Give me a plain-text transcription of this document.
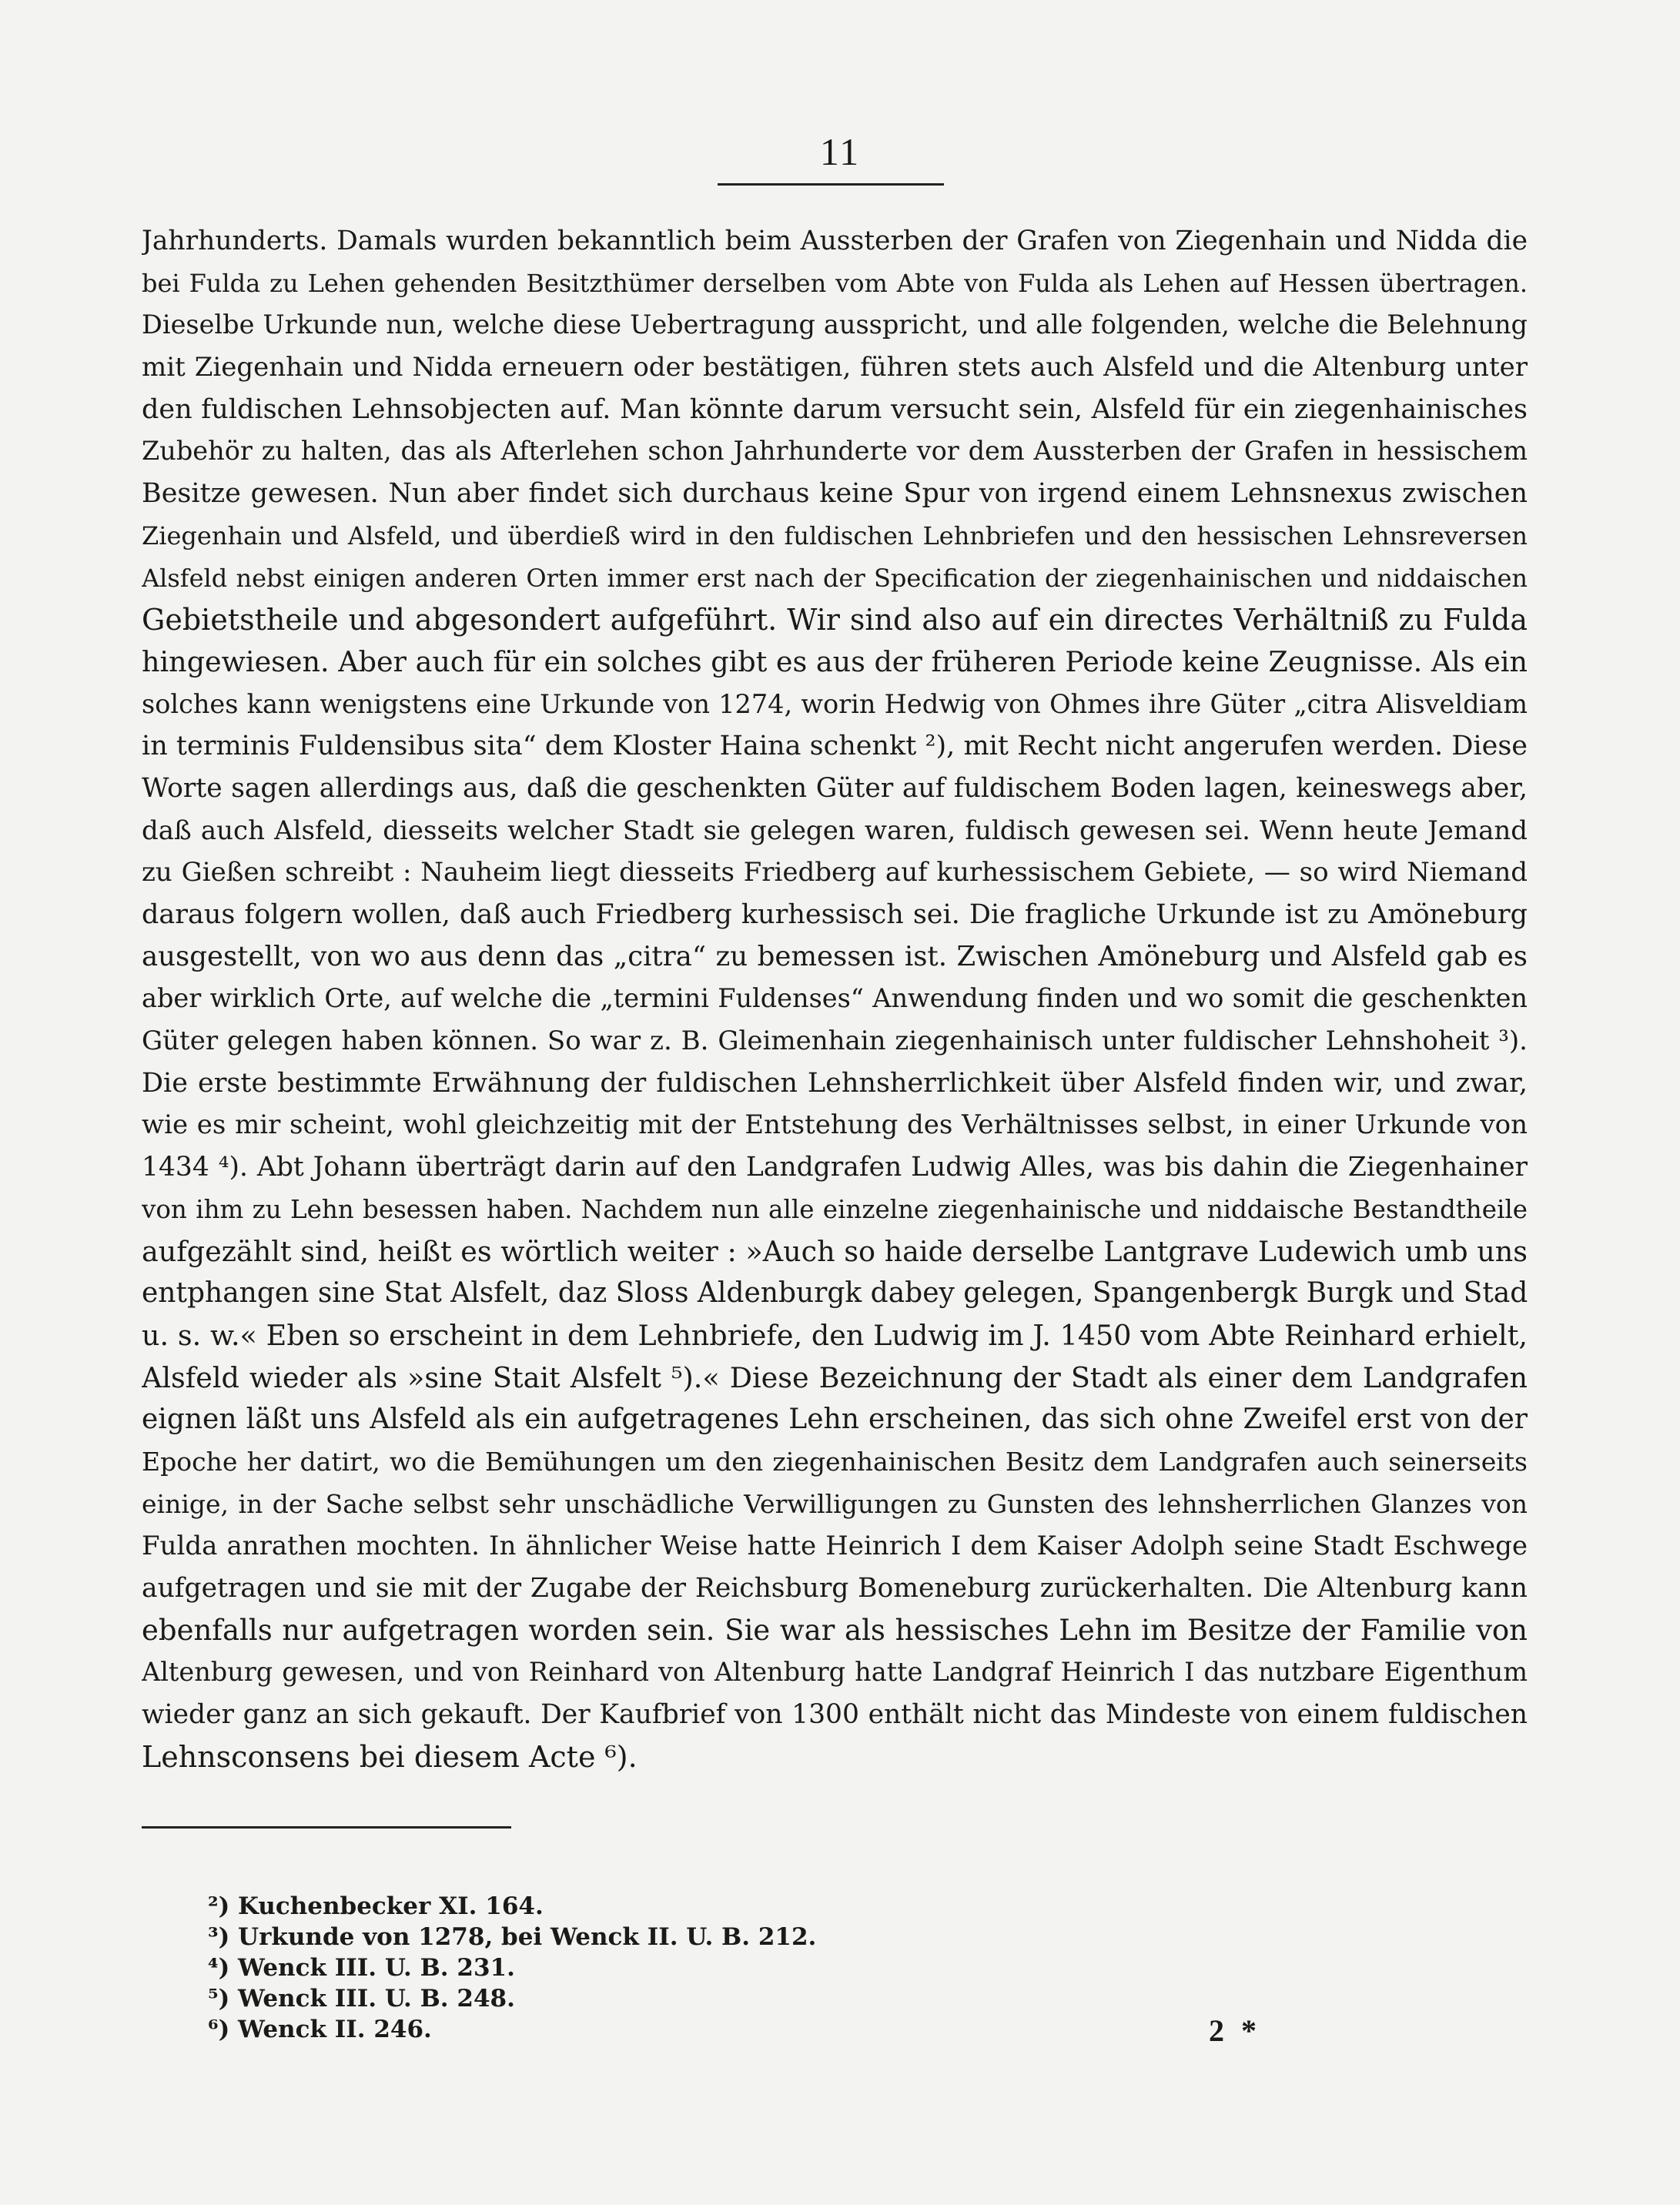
11
Jahrhunderts. Damals wurden bekanntlich beim Aussterben der Grafen von Ziegenhain und Nidda die
bei Fulda zu Lehen gehenden Besitzthümer derselben vom Abte von Fulda als Lehen auf Hessen übertragen.
Dieselbe Urkunde nun, welche diese Uebertragung ausspricht, und alle folgenden, welche die Belehnung
mit Ziegenhain und Nidda erneuern oder bestätigen, führen stets auch Alsfeld und die Altenburg unter
den fuldischen Lehnsobjecten auf. Man könnte darum versucht sein, Alsfeld für ein ziegenhainisches
Zubehör zu halten, das als Afterlehen schon Jahrhunderte vor dem Aussterben der Grafen in hessischem
Besitze gewesen. Nun aber findet sich durchaus keine Spur von irgend einem Lehnsnexus zwischen
Ziegenhain und Alsfeld, und überdieß wird in den fuldischen Lehnbriefen und den hessischen Lehnsreversen
Alsfeld nebst einigen anderen Orten immer erst nach der Specification der ziegenhainischen und niddaischen
Gebietstheile und abgesondert aufgeführt. Wir sind also auf ein directes Verhältniß zu Fulda
hingewiesen. Aber auch für ein solches gibt es aus der früheren Periode keine Zeugnisse. Als ein
solches kann wenigstens eine Urkunde von 1274, worin Hedwig von Ohmes ihre Güter „citra Alisveldiam
in terminis Fuldensibus sita“ dem Kloster Haina schenkt ²), mit Recht nicht angerufen werden. Diese
Worte sagen allerdings aus, daß die geschenkten Güter auf fuldischem Boden lagen, keineswegs aber,
daß auch Alsfeld, diesseits welcher Stadt sie gelegen waren, fuldisch gewesen sei. Wenn heute Jemand
zu Gießen schreibt : Nauheim liegt diesseits Friedberg auf kurhessischem Gebiete, — so wird Niemand
daraus folgern wollen, daß auch Friedberg kurhessisch sei. Die fragliche Urkunde ist zu Amöneburg
ausgestellt, von wo aus denn das „citra“ zu bemessen ist. Zwischen Amöneburg und Alsfeld gab es
aber wirklich Orte, auf welche die „termini Fuldenses“ Anwendung finden und wo somit die geschenkten
Güter gelegen haben können. So war z. B. Gleimenhain ziegenhainisch unter fuldischer Lehnshoheit ³).
Die erste bestimmte Erwähnung der fuldischen Lehnsherrlichkeit über Alsfeld finden wir, und zwar,
wie es mir scheint, wohl gleichzeitig mit der Entstehung des Verhältnisses selbst, in einer Urkunde von
1434 ⁴). Abt Johann überträgt darin auf den Landgrafen Ludwig Alles, was bis dahin die Ziegenhainer
von ihm zu Lehn besessen haben. Nachdem nun alle einzelne ziegenhainische und niddaische Bestandtheile
aufgezählt sind, heißt es wörtlich weiter : »Auch so haide derselbe Lantgrave Ludewich umb uns
entphangen sine Stat Alsfelt, daz Sloss Aldenburgk dabey gelegen, Spangenbergk Burgk und Stad
u. s. w.« Eben so erscheint in dem Lehnbriefe, den Ludwig im J. 1450 vom Abte Reinhard erhielt,
Alsfeld wieder als »sine Stait Alsfelt ⁵).« Diese Bezeichnung der Stadt als einer dem Landgrafen
eignen läßt uns Alsfeld als ein aufgetragenes Lehn erscheinen, das sich ohne Zweifel erst von der
Epoche her datirt, wo die Bemühungen um den ziegenhainischen Besitz dem Landgrafen auch seinerseits
einige, in der Sache selbst sehr unschädliche Verwilligungen zu Gunsten des lehnsherrlichen Glanzes von
Fulda anrathen mochten. In ähnlicher Weise hatte Heinrich I dem Kaiser Adolph seine Stadt Eschwege
aufgetragen und sie mit der Zugabe der Reichsburg Bomeneburg zurückerhalten. Die Altenburg kann
ebenfalls nur aufgetragen worden sein. Sie war als hessisches Lehn im Besitze der Familie von
Altenburg gewesen, und von Reinhard von Altenburg hatte Landgraf Heinrich I das nutzbare Eigenthum
wieder ganz an sich gekauft. Der Kaufbrief von 1300 enthält nicht das Mindeste von einem fuldischen
Lehnsconsens bei diesem Acte ⁶).
²) Kuchenbecker XI. 164.
³) Urkunde von 1278, bei Wenck II. U. B. 212.
⁴) Wenck III. U. B. 231.
⁵) Wenck III. U. B. 248.
⁶) Wenck II. 246.	2 *
